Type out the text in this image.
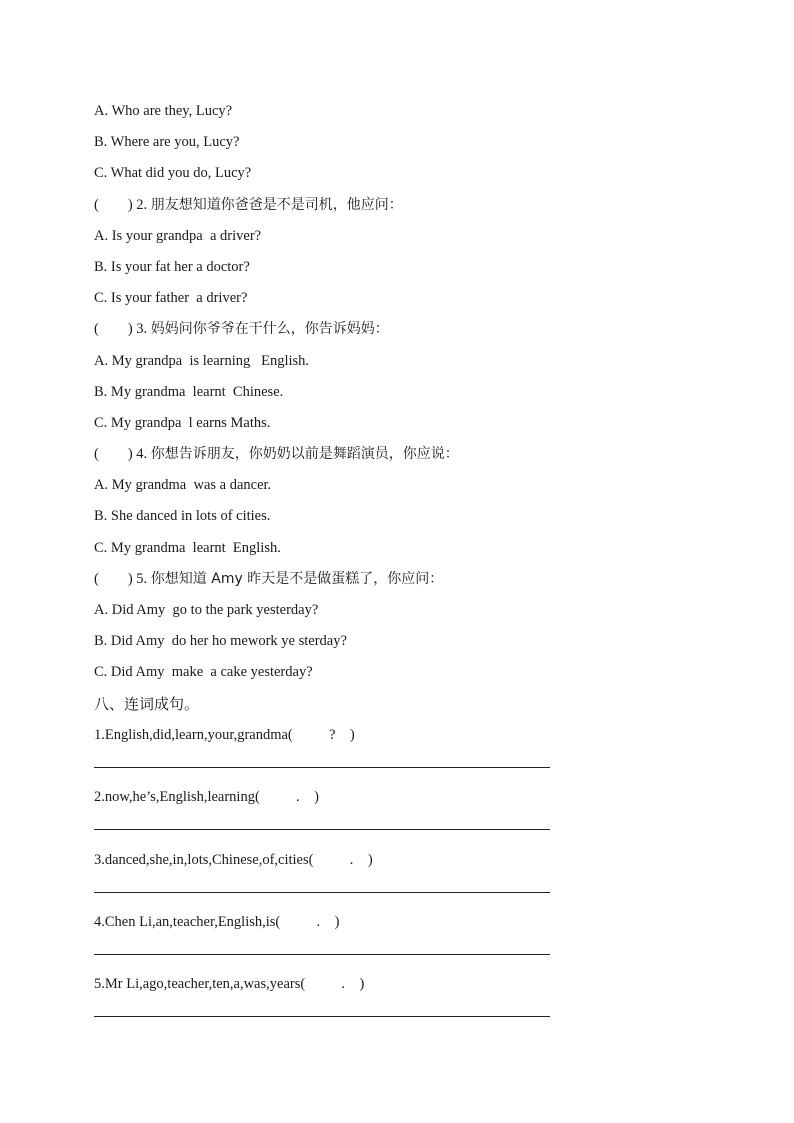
A. Who are they, Lucy?
B. Where are you, Lucy?
C. What did you do, Lucy?
(        ) 2. 朋友想知道你爸爸是不是司机，他应问：
A. Is your grandpa  a driver?
B. Is your fat her a doctor?
C. Is your father  a driver?
(        ) 3. 妈妈问你爷爷在干什么，你告诉妈妈：
A. My grandpa  is learning   English.
B. My grandma  learnt  Chinese.
C. My grandpa  l earns Maths.
(        ) 4. 你想告诉朋友，你奶奶以前是舞蹈演员，你应说：
A. My grandma  was a dancer.
B. She danced in lots of cities.
C. My grandma  learnt  English.
(        ) 5. 你想知道 Amy 昨天是不是做蛋糕了，你应问：
A. Did Amy  go to the park yesterday?
B. Did Amy  do her ho mework ye sterday?
C. Did Amy  make  a cake yesterday?
八、连词成句。
1.English,did,learn,your,grandma(          ?    )
2.now,he’s,English,learning(          .    )
3.danced,she,in,lots,Chinese,of,cities(          .    )
4.Chen Li,an,teacher,English,is(          .    )
5.Mr Li,ago,teacher,ten,a,was,years(          .    )
